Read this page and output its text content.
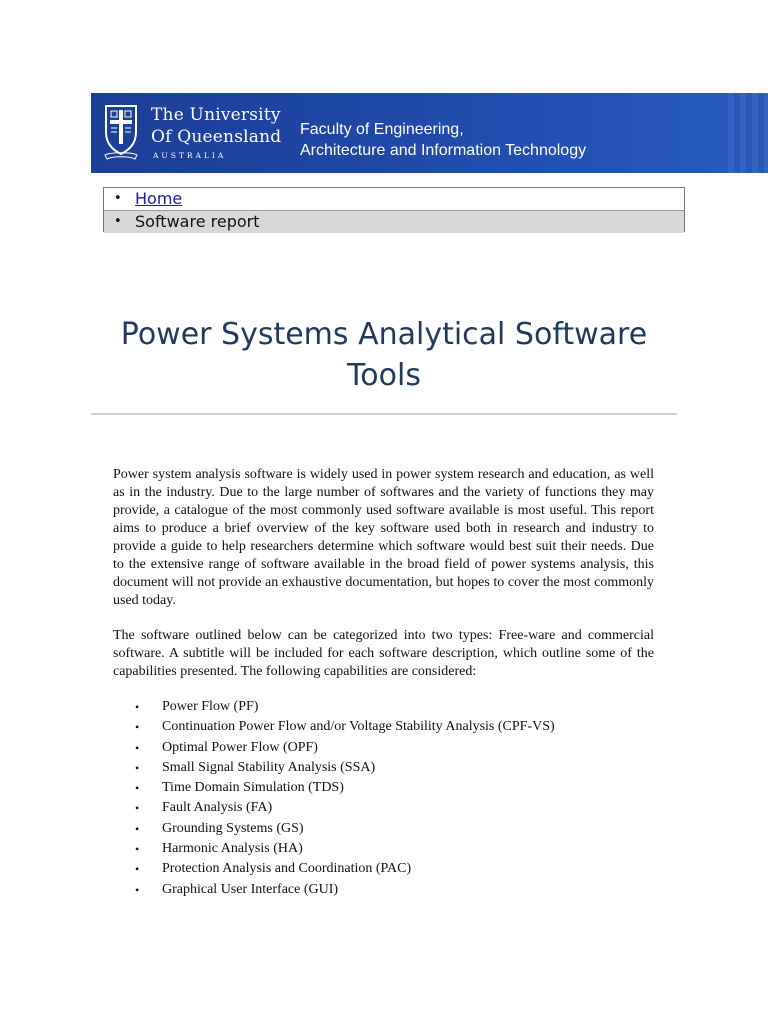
The University
Of Queensland
AUSTRALIA
Faculty of Engineering,
Architecture and Information Technology
• Home
• Software report
Power Systems Analytical Software Tools

Power system analysis software is widely used in power system research and education, as well as in the industry. Due to the large number of softwares and the variety of functions they may provide, a catalogue of the most commonly used software available is most useful. This report aims to produce a brief overview of the key software used both in research and industry to provide a guide to help researchers determine which software would best suit their needs. Due to the extensive range of software available in the broad field of power systems analysis, this document will not provide an exhaustive documentation, but hopes to cover the most commonly used today.

The software outlined below can be categorized into two types: Free-ware and commercial software. A subtitle will be included for each software description, which outline some of the capabilities presented. The following capabilities are considered:

• Power Flow (PF)
• Continuation Power Flow and/or Voltage Stability Analysis (CPF-VS)
• Optimal Power Flow (OPF)
• Small Signal Stability Analysis (SSA)
• Time Domain Simulation (TDS)
• Fault Analysis (FA)
• Grounding Systems (GS)
• Harmonic Analysis (HA)
• Protection Analysis and Coordination (PAC)
• Graphical User Interface (GUI)
